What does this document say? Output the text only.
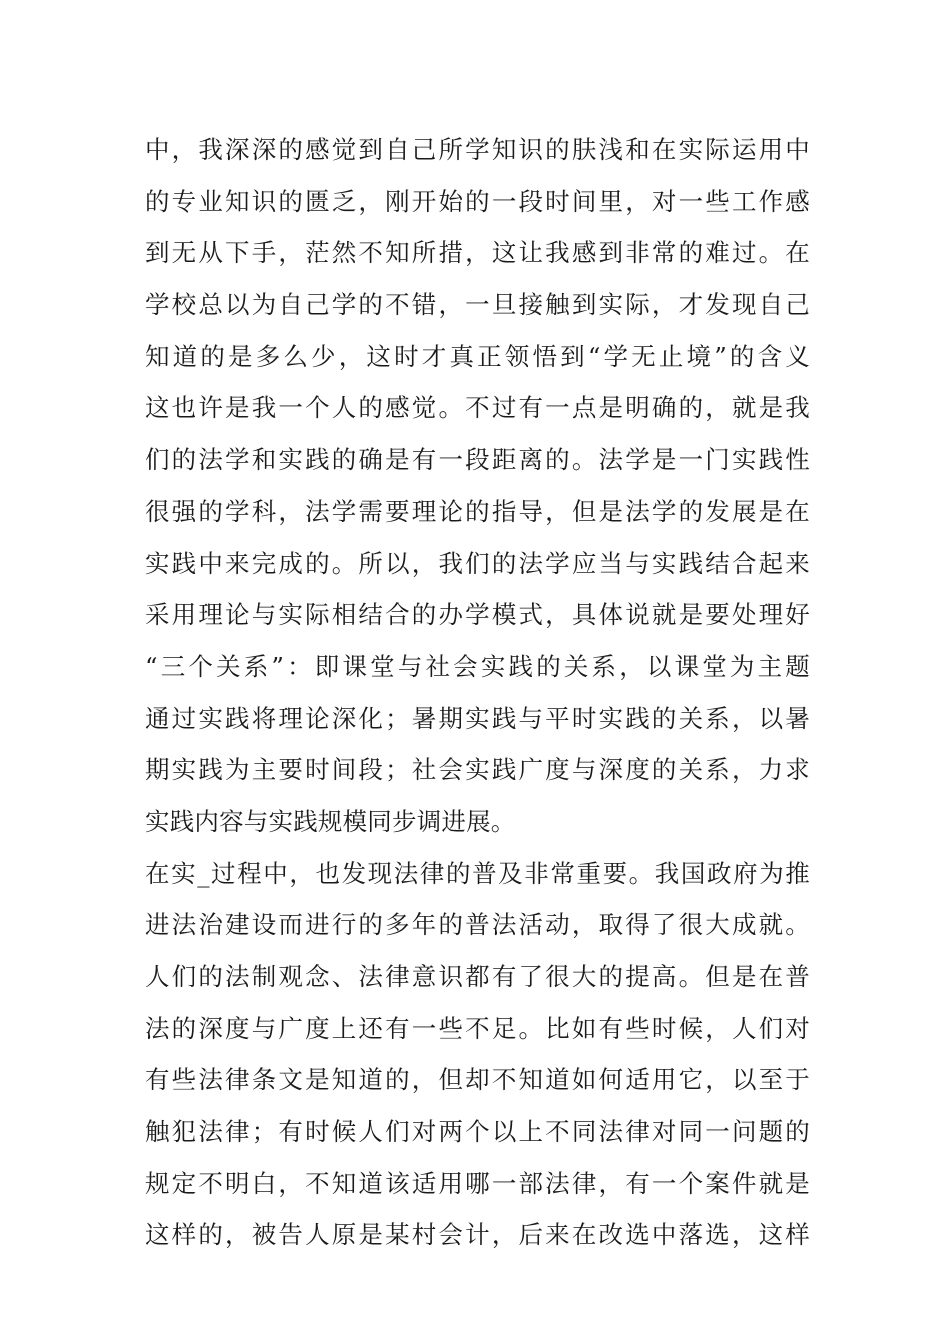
中，我深深的感觉到自己所学知识的肤浅和在实际运用中
的专业知识的匮乏，刚开始的一段时间里，对一些工作感
到无从下手，茫然不知所措，这让我感到非常的难过。在
学校总以为自己学的不错，一旦接触到实际，才发现自己
知道的是多么少，这时才真正领悟到“学无止境”的含义
这也许是我一个人的感觉。不过有一点是明确的，就是我
们的法学和实践的确是有一段距离的。法学是一门实践性
很强的学科，法学需要理论的指导，但是法学的发展是在
实践中来完成的。所以，我们的法学应当与实践结合起来
采用理论与实际相结合的办学模式，具体说就是要处理好
“三个关系”：即课堂与社会实践的关系，以课堂为主题
通过实践将理论深化；暑期实践与平时实践的关系，以暑
期实践为主要时间段；社会实践广度与深度的关系，力求
实践内容与实践规模同步调进展。
在实_过程中，也发现法律的普及非常重要。我国政府为推
进法治建设而进行的多年的普法活动，取得了很大成就。
人们的法制观念、法律意识都有了很大的提高。但是在普
法的深度与广度上还有一些不足。比如有些时候，人们对
有些法律条文是知道的，但却不知道如何适用它，以至于
触犯法律；有时候人们对两个以上不同法律对同一问题的
规定不明白，不知道该适用哪一部法律，有一个案件就是
这样的，被告人原是某村会计，后来在改选中落选，这样
